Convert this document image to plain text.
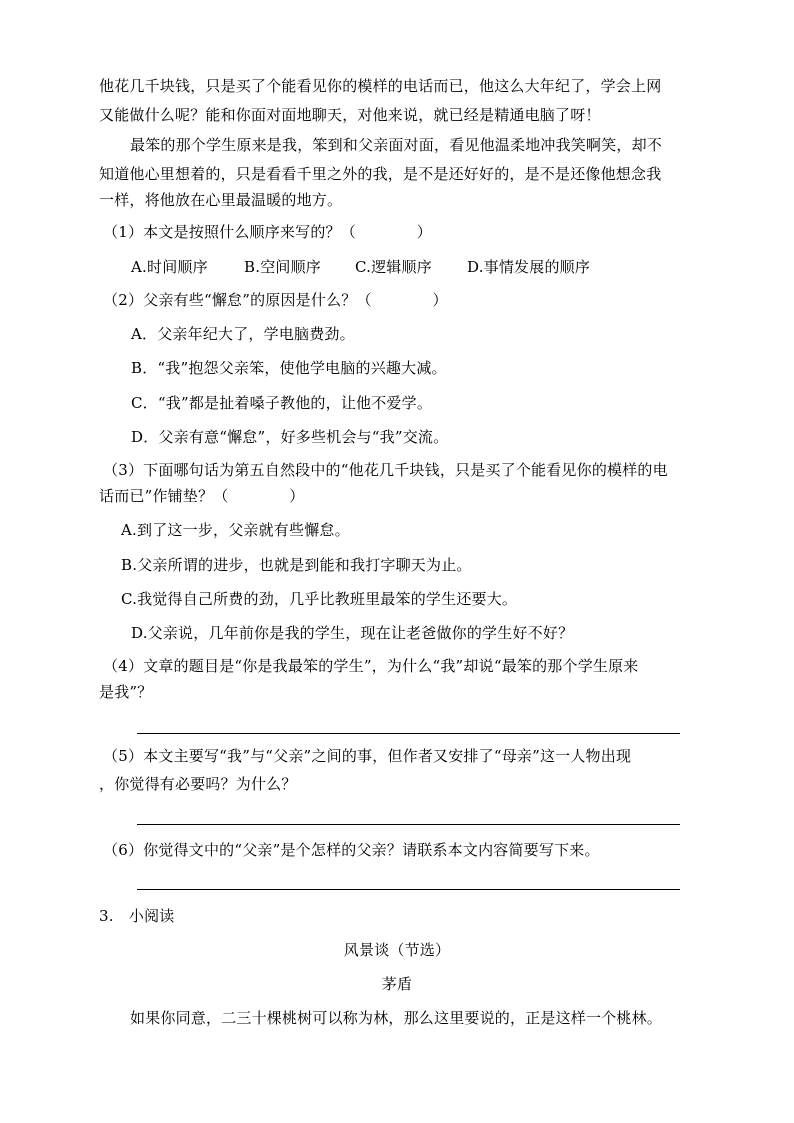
他花几千块钱，只是买了个能看见你的模样的电话而已，他这么大年纪了，学会上网
又能做什么呢？能和你面对面地聊天，对他来说，就已经是精通电脑了呀！
最笨的那个学生原来是我，笨到和父亲面对面，看见他温柔地冲我笑啊笑，却不
知道他心里想着的，只是看看千里之外的我，是不是还好好的，是不是还像他想念我
一样，将他放在心里最温暖的地方。
（1）本文是按照什么顺序来写的？（　　　　）
A.时间顺序 B.空间顺序 C.逻辑顺序 D.事情发展的顺序
（2）父亲有些“懈怠”的原因是什么？（　　　　）
A．父亲年纪大了，学电脑费劲。
B．“我”抱怨父亲笨，使他学电脑的兴趣大减。
C．“我”都是扯着嗓子教他的，让他不爱学。
D．父亲有意“懈怠”，好多些机会与“我”交流。
（3）下面哪句话为第五自然段中的“他花几千块钱，只是买了个能看见你的模样的电
话而已”作铺垫？（　　　　）
A.到了这一步，父亲就有些懈怠。
B.父亲所谓的进步，也就是到能和我打字聊天为止。
C.我觉得自己所费的劲，几乎比教班里最笨的学生还要大。
D.父亲说，几年前你是我的学生，现在让老爸做你的学生好不好？
（4）文章的题目是“你是我最笨的学生”，为什么“我”却说“最笨的那个学生原来
是我”？
（5）本文主要写“我”与“父亲”之间的事，但作者又安排了“母亲”这一人物出现
，你觉得有必要吗？为什么？
（6）你觉得文中的“父亲”是个怎样的父亲？请联系本文内容简要写下来。
3.　小阅读
风景谈（节选）
茅盾
如果你同意，二三十棵桃树可以称为林，那么这里要说的，正是这样一个桃林。
